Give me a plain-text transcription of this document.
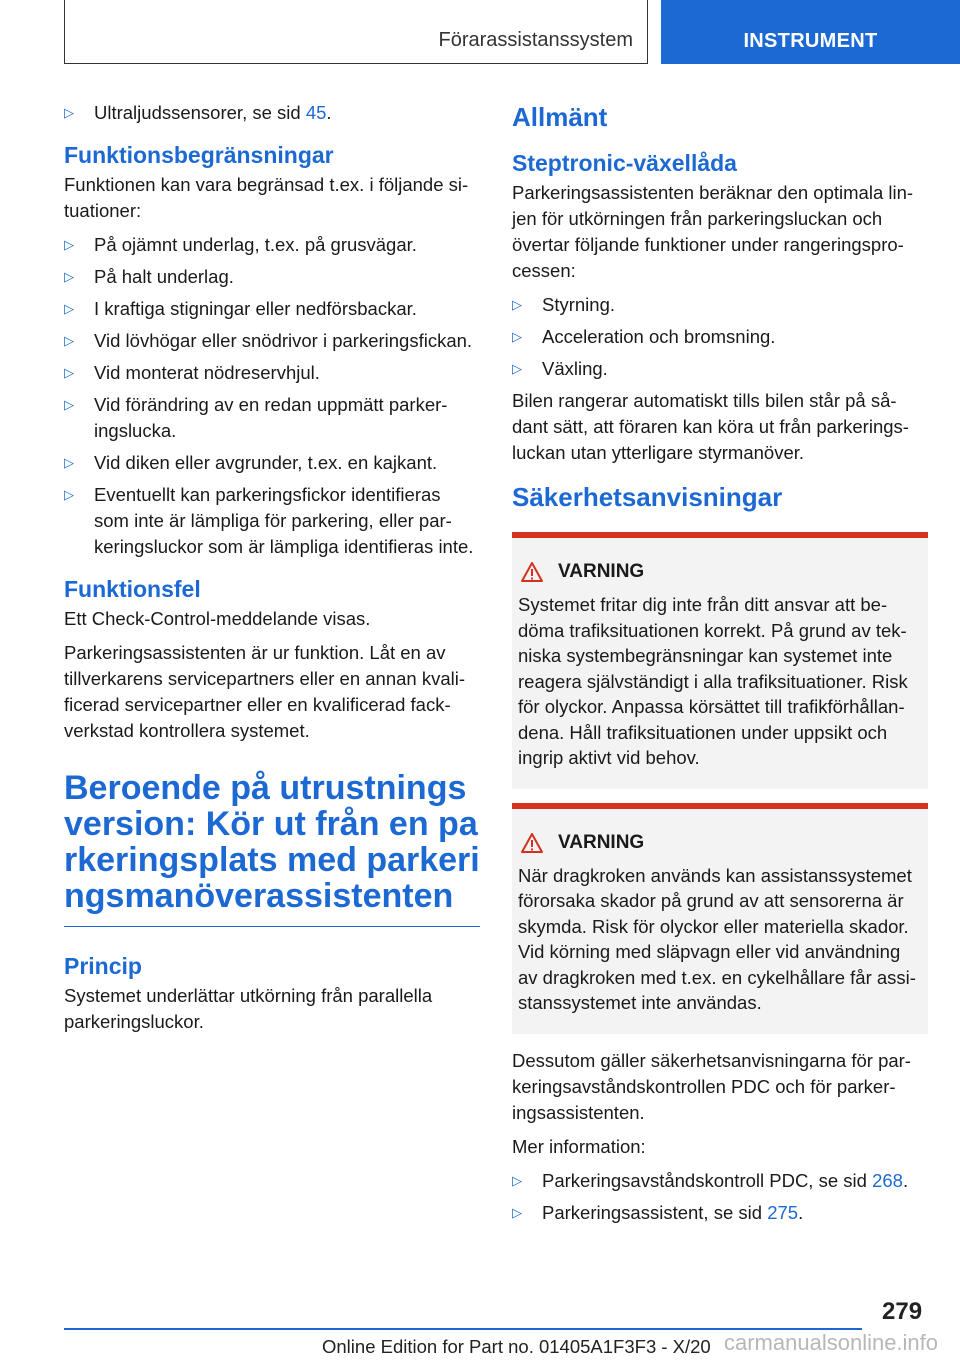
Förarassistanssystem	INSTRUMENT
▷ Ultraljudssensorer, se sid 45.
Funktionsbegränsningar

Funktionen kan vara begränsad t.ex. i följande si‐ tuationer:

▷ På ojämnt underlag, t.ex. på grusvägar.
▷ På halt underlag.
▷ I kraftiga stigningar eller nedförsbackar.
▷ Vid lövhögar eller snödrivor i parkeringsfickan.
▷ Vid monterat nödreservhjul.
▷ Vid förändring av en redan uppmätt parker‐ ingslucka.
▷ Vid diken eller avgrunder, t.ex. en kajkant.
▷ Eventuellt kan parkeringsfickor identifieras som inte är lämpliga för parkering, eller par‐ keringsluckor som är lämpliga identifieras inte.
Funktionsfel

Ett Check-Control-meddelande visas.

Parkeringsassistenten är ur funktion. Låt en av tillverkarens servicepartners eller en annan kvali‐ ficerad servicepartner eller en kvalificerad fack‐ verkstad kontrollera systemet.

Beroende på utrustningsversion: Kör ut från en parkeringsplats med parkeringsmanöverassistenten
Princip

Systemet underlättar utkörning från parallella parkeringsluckor.

Allmänt
Steptronic-växellåda

Parkeringsassistenten beräknar den optimala lin‐ jen för utkörningen från parkeringsluckan och övertar följande funktioner under rangeringspro‐ cessen:

▷ Styrning.
▷ Acceleration och bromsning.
▷ Växling.

Bilen rangerar automatiskt tills bilen står på så‐ dant sätt, att föraren kan köra ut från parkerings‐ luckan utan ytterligare styrmanöver.

Säkerhetsanvisningar
VARNING

Systemet fritar dig inte från ditt ansvar att be‐ döma trafiksituationen korrekt. På grund av tek‐ niska systembegränsningar kan systemet inte reagera självständigt i alla trafiksituationer. Risk för olyckor. Anpassa körsättet till trafikförhållan‐ dena. Håll trafiksituationen under uppsikt och ingrip aktivt vid behov.

VARNING

När dragkroken används kan assistanssystemet förorsaka skador på grund av att sensorerna är skymda. Risk för olyckor eller materiella skador. Vid körning med släpvagn eller vid användning av dragkroken med t.ex. en cykelhållare får assi‐ stanssystemet inte användas.

Dessutom gäller säkerhetsanvisningarna för par‐ keringsavståndskontrollen PDC och för parker‐ ingsassistenten.

Mer information:

▷ Parkeringsavståndskontroll PDC, se sid 268.
▷ Parkeringsassistent, se sid 275.
279
Online Edition for Part no. 01405A1F3F3 - X/20 carmanualsonline.info
